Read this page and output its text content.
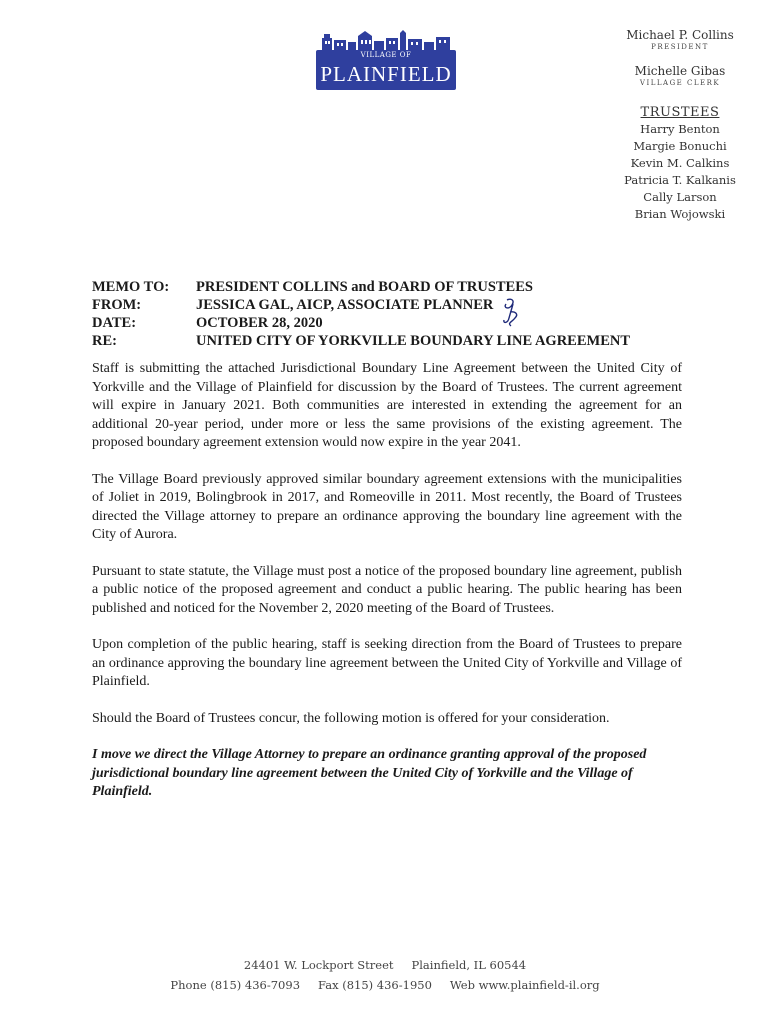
VILLAGE OF
PLAINFIELD
Michael P. Collins
PRESIDENT
Michelle Gibas
VILLAGE CLERK
TRUSTEES
Harry Benton
Margie Bonuchi
Kevin M. Calkins
Patricia T. Kalkanis
Cally Larson
Brian Wojowski
MEMO TO:	PRESIDENT COLLINS and BOARD OF TRUSTEES
FROM:	JESSICA GAL, AICP, ASSOCIATE PLANNER
DATE:	OCTOBER 28, 2020
RE:	UNITED CITY OF YORKVILLE BOUNDARY LINE AGREEMENT

Staff is submitting the attached Jurisdictional Boundary Line Agreement between the United City of Yorkville and the Village of Plainfield for discussion by the Board of Trustees. The current agreement will expire in January 2021. Both communities are interested in extending the agreement for an additional 20-year period, under more or less the same provisions of the existing agreement. The proposed boundary agreement extension would now expire in the year 2041.

The Village Board previously approved similar boundary agreement extensions with the municipalities of Joliet in 2019, Bolingbrook in 2017, and Romeoville in 2011. Most recently, the Board of Trustees directed the Village attorney to prepare an ordinance approving the boundary line agreement with the City of Aurora.

Pursuant to state statute, the Village must post a notice of the proposed boundary line agreement, publish a public notice of the proposed agreement and conduct a public hearing. The public hearing has been published and noticed for the November 2, 2020 meeting of the Board of Trustees.

Upon completion of the public hearing, staff is seeking direction from the Board of Trustees to prepare an ordinance approving the boundary line agreement between the United City of Yorkville and Village of Plainfield.

Should the Board of Trustees concur, the following motion is offered for your consideration.

I move we direct the Village Attorney to prepare an ordinance granting approval of the proposed jurisdictional boundary line agreement between the United City of Yorkville and the Village of Plainfield.

24401 W. Lockport Street Plainfield, IL 60544
Phone (815) 436-7093 Fax (815) 436-1950 Web www.plainfield-il.org
